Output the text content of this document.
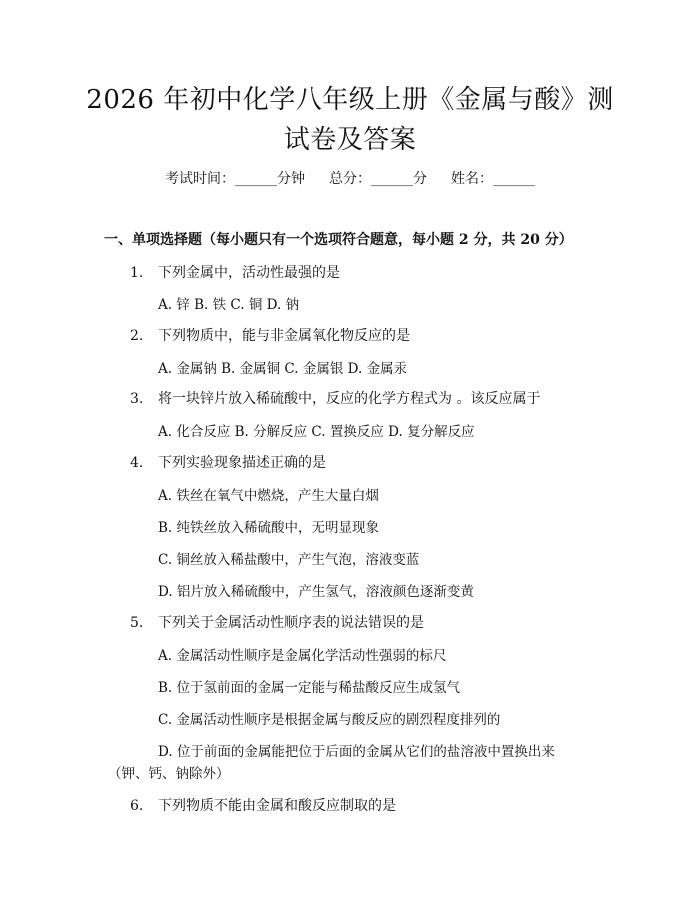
2026 年初中化学八年级上册《金属与酸》测
试卷及答案
考试时间：______分钟 总分：______分 姓名：______
一、单项选择题（每小题只有一个选项符合题意，每小题 2 分，共 20 分）
1. 下列金属中，活动性最强的是
A. 锌 B. 铁 C. 铜 D. 钠
2. 下列物质中，能与非金属氧化物反应的是
A. 金属钠 B. 金属铜 C. 金属银 D. 金属汞
3. 将一块锌片放入稀硫酸中，反应的化学方程式为 。该反应属于
A. 化合反应 B. 分解反应 C. 置换反应 D. 复分解反应
4. 下列实验现象描述正确的是
A. 铁丝在氧气中燃烧，产生大量白烟
B. 纯铁丝放入稀硫酸中，无明显现象
C. 铜丝放入稀盐酸中，产生气泡，溶液变蓝
D. 铝片放入稀硫酸中，产生氢气，溶液颜色逐渐变黄
5. 下列关于金属活动性顺序表的说法错误的是
A. 金属活动性顺序是金属化学活动性强弱的标尺
B. 位于氢前面的金属一定能与稀盐酸反应生成氢气
C. 金属活动性顺序是根据金属与酸反应的剧烈程度排列的
D. 位于前面的金属能把位于后面的金属从它们的盐溶液中置换出来
（钾、钙、钠除外）
6. 下列物质不能由金属和酸反应制取的是
